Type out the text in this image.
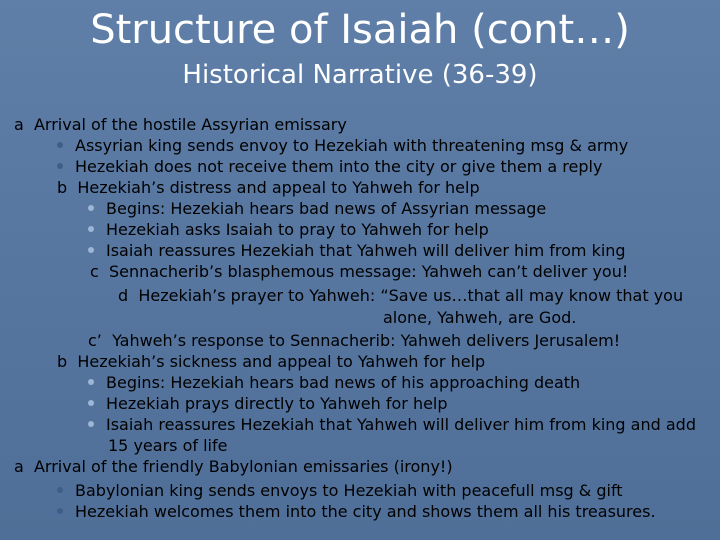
Structure of Isaiah (cont…)
Historical Narrative (36-39)
a Arrival of the hostile Assyrian emissary
Assyrian king sends envoy to Hezekiah with threatening msg & army
Hezekiah does not receive them into the city or give them a reply
b Hezekiah’s distress and appeal to Yahweh for help
Begins: Hezekiah hears bad news of Assyrian message
Hezekiah asks Isaiah to pray to Yahweh for help
Isaiah reassures Hezekiah that Yahweh will deliver him from king
c Sennacherib’s blasphemous message: Yahweh can’t deliver you!
d Hezekiah’s prayer to Yahweh: “Save us…that all may know that you
alone, Yahweh, are God.
c’ Yahweh’s response to Sennacherib: Yahweh delivers Jerusalem!
b Hezekiah’s sickness and appeal to Yahweh for help
Begins: Hezekiah hears bad news of his approaching death
Hezekiah prays directly to Yahweh for help
Isaiah reassures Hezekiah that Yahweh will deliver him from king and add
15 years of life
a Arrival of the friendly Babylonian emissaries (irony!)
Babylonian king sends envoys to Hezekiah with peacefull msg & gift
Hezekiah welcomes them into the city and shows them all his treasures.
